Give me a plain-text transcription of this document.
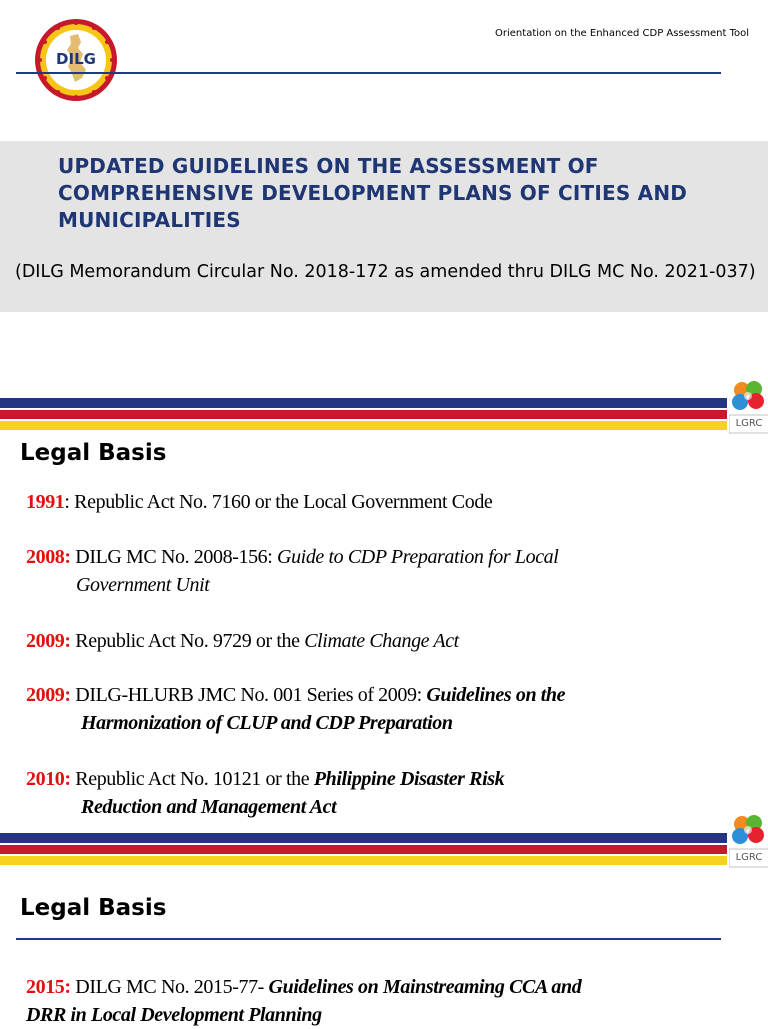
DILG
Orientation on the Enhanced CDP Assessment Tool
UPDATED GUIDELINES ON THE ASSESSMENT OF COMPREHENSIVE DEVELOPMENT PLANS OF CITIES AND MUNICIPALITIES
(DILG Memorandum Circular No. 2018-172 as amended thru DILG MC No. 2021-037)
LGRC
Legal Basis
1991: Republic Act No. 7160 or the Local Government Code
2008: DILG MC No. 2008-156: Guide to CDP Preparation for Local
Government Unit
2009: Republic Act No. 9729 or the Climate Change Act
2009: DILG-HLURB JMC No. 001 Series of 2009: Guidelines on the
Harmonization of CLUP and CDP Preparation
2010: Republic Act No. 10121 or the Philippine Disaster Risk
Reduction and Management Act
LGRC
Legal Basis
2015: DILG MC No. 2015-77- Guidelines on Mainstreaming CCA and
DRR in Local Development Planning
